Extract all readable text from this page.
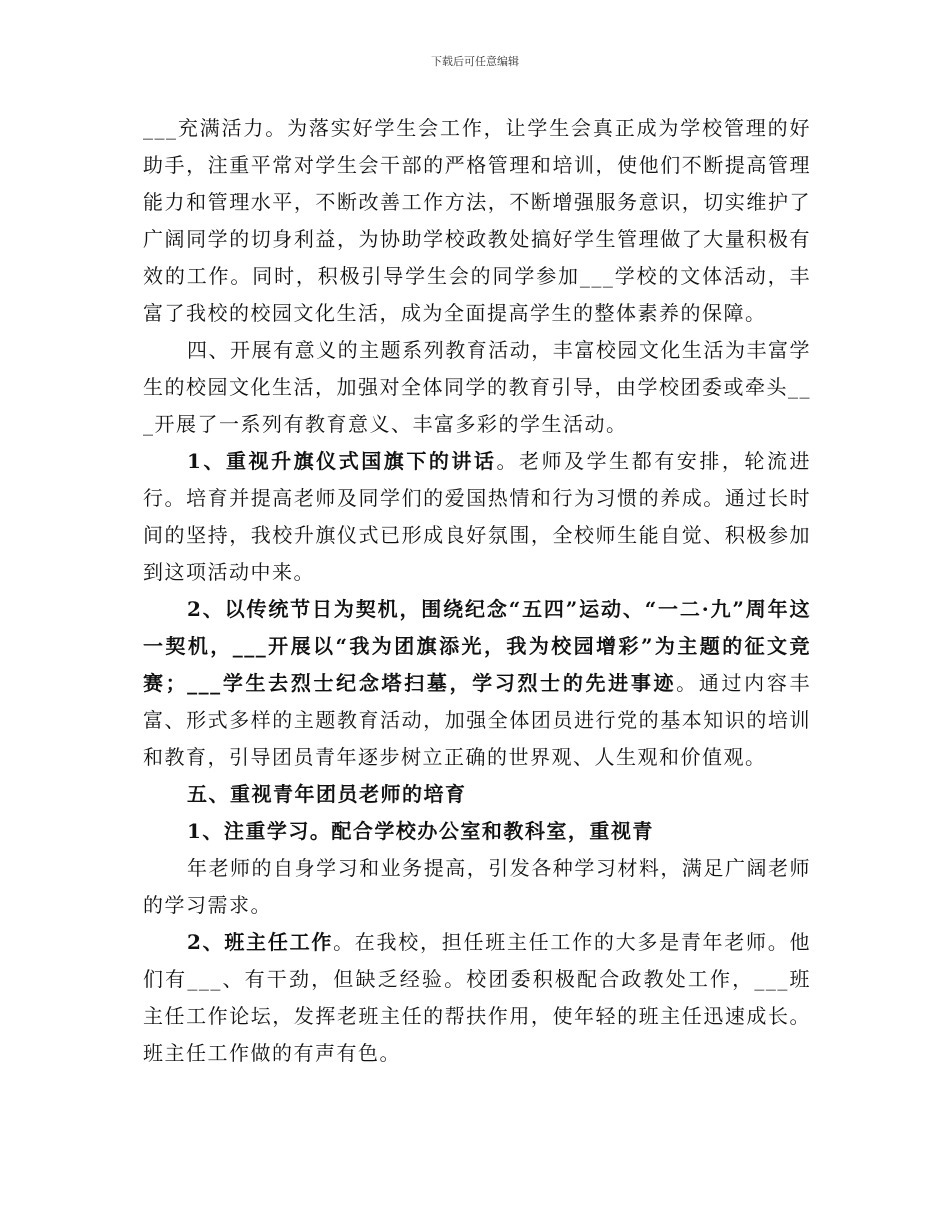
下载后可任意编辑

___充满活力。为落实好学生会工作，让学生会真正成为学校管理的好助手，注重平常对学生会干部的严格管理和培训，使他们不断提高管理能力和管理水平，不断改善工作方法，不断增强服务意识，切实维护了广阔同学的切身利益，为协助学校政教处搞好学生管理做了大量积极有效的工作。同时，积极引导学生会的同学参加___学校的文体活动，丰富了我校的校园文化生活，成为全面提高学生的整体素养的保障。

四、开展有意义的主题系列教育活动，丰富校园文化生活为丰富学生的校园文化生活，加强对全体同学的教育引导，由学校团委或牵头___开展了一系列有教育意义、丰富多彩的学生活动。

1、重视升旗仪式国旗下的讲话。老师及学生都有安排，轮流进行。培育并提高老师及同学们的爱国热情和行为习惯的养成。通过长时间的坚持，我校升旗仪式已形成良好氛围，全校师生能自觉、积极参加到这项活动中来。

2、以传统节日为契机，围绕纪念“五四”运动、“一二·九”周年这一契机，___开展以“我为团旗添光，我为校园增彩”为主题的征文竞赛；___学生去烈士纪念塔扫墓，学习烈士的先进事迹。通过内容丰富、形式多样的主题教育活动，加强全体团员进行党的基本知识的培训和教育，引导团员青年逐步树立正确的世界观、人生观和价值观。

五、重视青年团员老师的培育

1、注重学习。配合学校办公室和教科室，重视青

年老师的自身学习和业务提高，引发各种学习材料，满足广阔老师的学习需求。

2、班主任工作。在我校，担任班主任工作的大多是青年老师。他们有___、有干劲，但缺乏经验。校团委积极配合政教处工作，___班主任工作论坛，发挥老班主任的帮扶作用，使年轻的班主任迅速成长。班主任工作做的有声有色。
